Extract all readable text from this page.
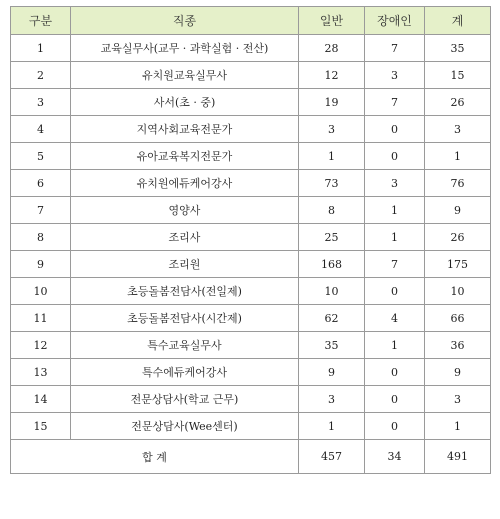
구분	직종	일반	장애인	계
1	교육실무사(교무 · 과학실험 · 전산)	28	7	35
2	유치원교육실무사	12	3	15
3	사서(초 · 중)	19	7	26
4	지역사회교육전문가	3	0	3
5	유아교육복지전문가	1	0	1
6	유치원에듀케어강사	73	3	76
7	영양사	8	1	9
8	조리사	25	1	26
9	조리원	168	7	175
10	초등돌봄전담사(전일제)	10	0	10
11	초등돌봄전담사(시간제)	62	4	66
12	특수교육실무사	35	1	36
13	특수에듀케어강사	9	0	9
14	전문상담사(학교 근무)	3	0	3
15	전문상담사(Wee센터)	1	0	1
합 계		457	34	491
